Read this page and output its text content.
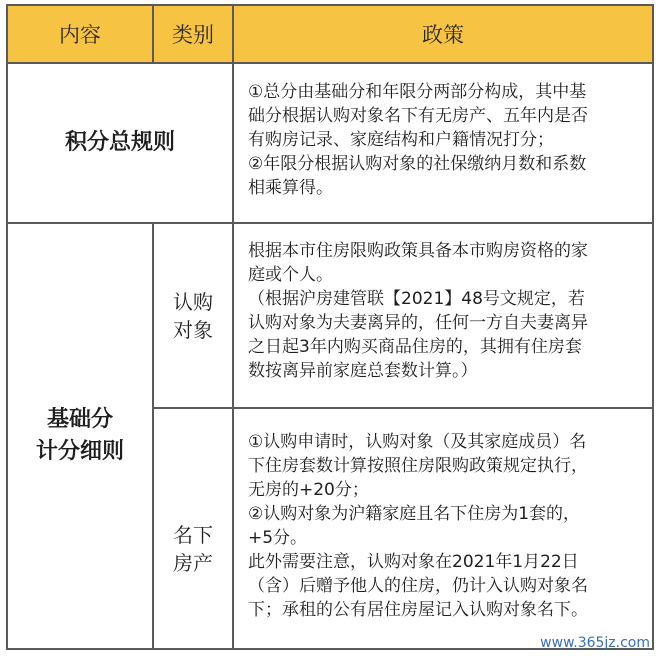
内容	类别	政策
积分总规则

①总分由基础分和年限分两部分构成，其中基

础分根据认购对象名下有无房产、五年内是否

有购房记录、家庭结构和户籍情况打分；

②年限分根据认购对象的社保缴纳月数和系数

相乘算得。

基础分
计分细则
认购
对象

根据本市住房限购政策具备本市购房资格的家

庭或个人。

（根据沪房建管联【2021】48号文规定，若

认购对象为夫妻离异的，任何一方自夫妻离异

之日起3年内购买商品住房的，其拥有住房套

数按离异前家庭总套数计算。）

名下
房产

①认购申请时，认购对象（及其家庭成员）名

下住房套数计算按照住房限购政策规定执行，

无房的+20分；

②认购对象为沪籍家庭且名下住房为1套的，

+5分。

此外需要注意，认购对象在2021年1月22日

（含）后赠予他人的住房，仍计入认购对象名

下；承租的公有居住房屋记入认购对象名下。

www.365jz.com
